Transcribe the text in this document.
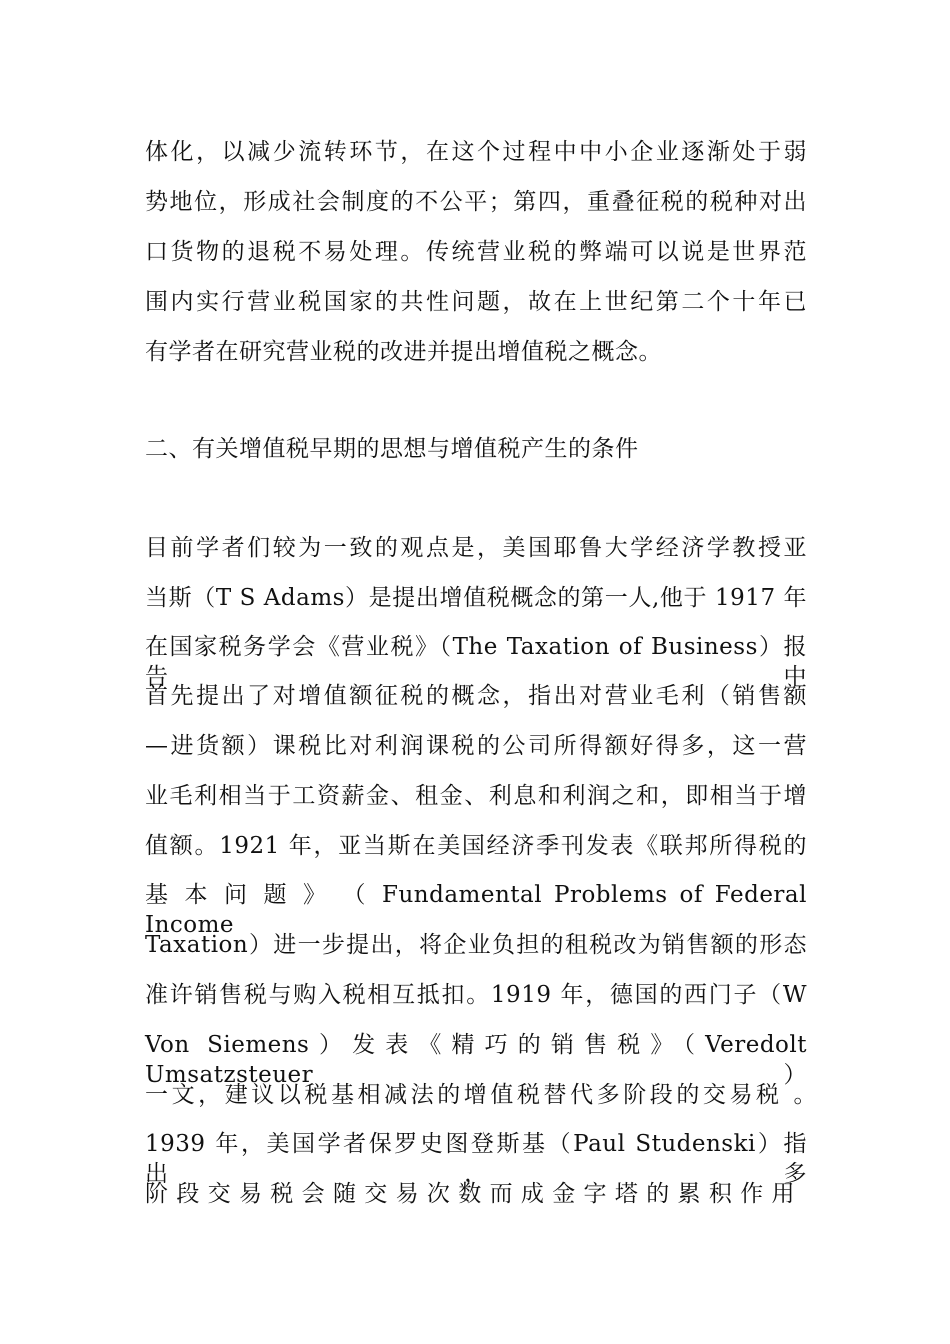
体化，以减少流转环节，在这个过程中中小企业逐渐处于弱
势地位，形成社会制度的不公平；第四，重叠征税的税种对出
口货物的退税不易处理。传统营业税的弊端可以说是世界范
围内实行营业税国家的共性问题，故在上世纪第二个十年已
有学者在研究营业税的改进并提出增值税之概念。
二、有关增值税早期的思想与增值税产生的条件
目前学者们较为一致的观点是，美国耶鲁大学经济学教授亚
当斯（T S Adams）是提出增值税概念的第一人,他于 1917 年
在国家税务学会《营业税》（The Taxation of Business）报告中
首先提出了对增值额征税的概念，指出对营业毛利（销售额
—进货额）课税比对利润课税的公司所得额好得多，这一营
业毛利相当于工资薪金、租金、利息和利润之和，即相当于增
值额。1921 年，亚当斯在美国经济季刊发表《联邦所得税的
基 本 问 题 》 （ Fundamental Problems of Federal Income
Taxation）进一步提出，将企业负担的租税改为销售额的形态
准许销售税与购入税相互抵扣。1919 年，德国的西门子（W
Von Siemens）发表《精巧的销售税》（Veredolt Umsatzsteuer）
一文，建议以税基相减法的增值税替代多阶段的交易税 。
1939 年，美国学者保罗史图登斯基（Paul Studenski）指出，多
阶 段 交 易 税 会 随 交 易 次 数 而 成 金 字 塔 的 累 积 作 用
